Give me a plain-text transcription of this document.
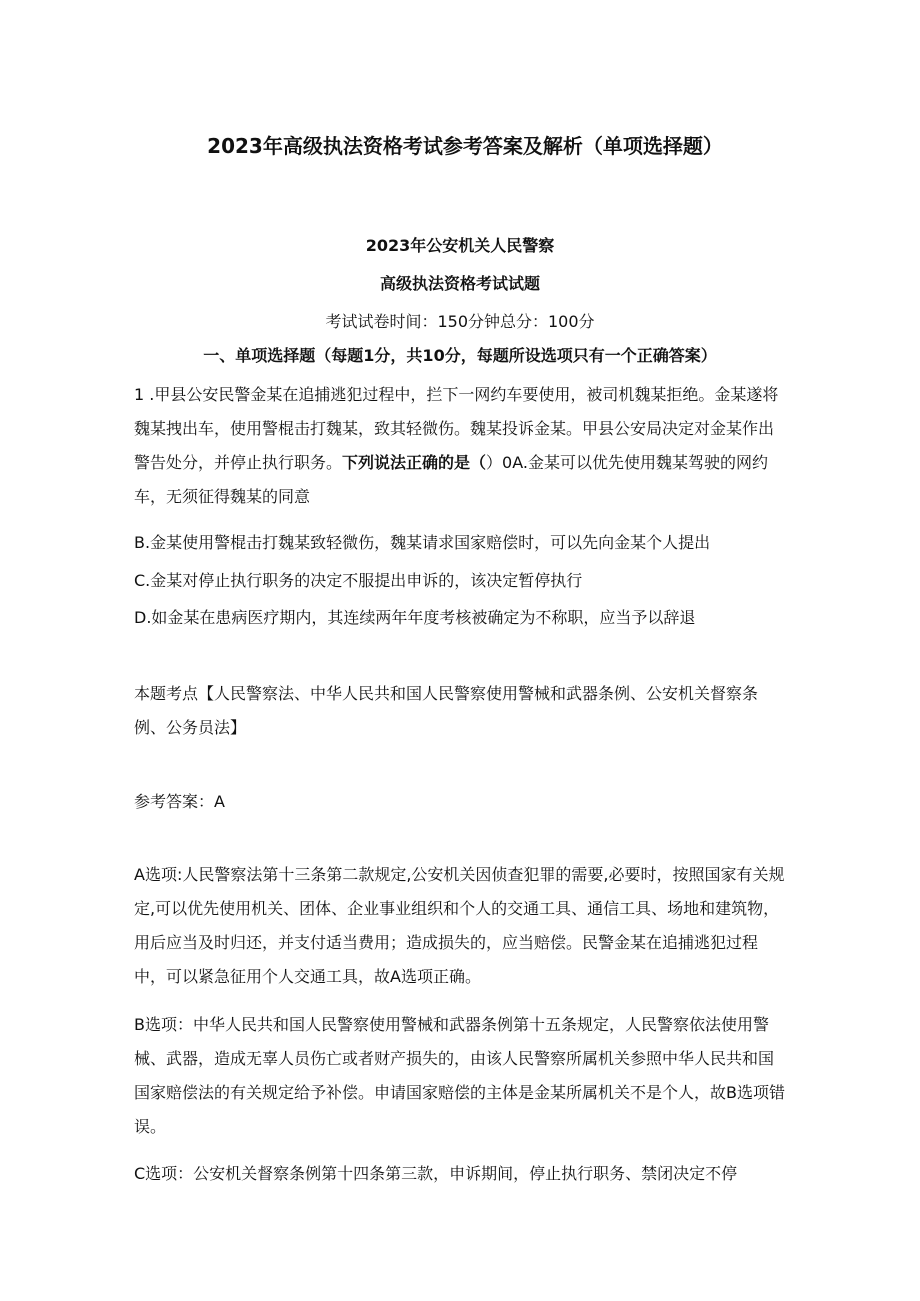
2023年高级执法资格考试参考答案及解析（单项选择题）
2023年公安机关人民警察
高级执法资格考试试题
考试试卷时间：150分钟总分：100分
一、单项选择题（每题1分，共10分，每题所设选项只有一个正确答案）
1 .甲县公安民警金某在追捕逃犯过程中，拦下一网约车要使用，被司机魏某拒绝。金某遂将魏某拽出车，使用警棍击打魏某，致其轻微伤。魏某投诉金某。甲县公安局决定对金某作出警告处分，并停止执行职务。下列说法正确的是（）0A.金某可以优先使用魏某驾驶的网约车，无须征得魏某的同意
B.金某使用警棍击打魏某致轻微伤，魏某请求国家赔偿时，可以先向金某个人提出
C.金某对停止执行职务的决定不服提出申诉的，该决定暂停执行
D.如金某在患病医疗期内，其连续两年年度考核被确定为不称职，应当予以辞退
本题考点【人民警察法、中华人民共和国人民警察使用警械和武器条例、公安机关督察条例、公务员法】
参考答案：A
A选项:人民警察法第十三条第二款规定,公安机关因侦查犯罪的需要,必要时，按照国家有关规定,可以优先使用机关、团体、企业事业组织和个人的交通工具、通信工具、场地和建筑物，用后应当及时归还，并支付适当费用；造成损失的，应当赔偿。民警金某在追捕逃犯过程中，可以紧急征用个人交通工具，故A选项正确。
B选项：中华人民共和国人民警察使用警械和武器条例第十五条规定，人民警察依法使用警械、武器，造成无辜人员伤亡或者财产损失的，由该人民警察所属机关参照中华人民共和国国家赔偿法的有关规定给予补偿。申请国家赔偿的主体是金某所属机关不是个人，故B选项错误。
C选项：公安机关督察条例第十四条第三款，申诉期间，停止执行职务、禁闭决定不停
